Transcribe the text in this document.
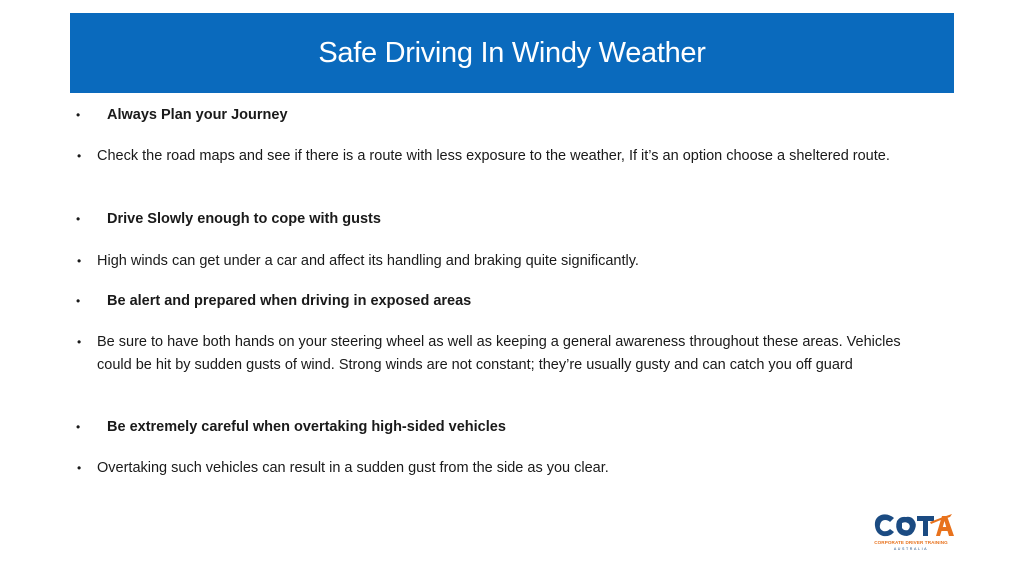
Safe Driving In Windy Weather
• Always Plan your Journey
• Check the road maps and see if there is a route with less exposure to the weather, If it’s an option choose a sheltered route.
• Drive Slowly enough to cope with gusts
• High winds can get under a car and affect its handling and braking quite significantly.
• Be alert and prepared when driving in exposed areas
• Be sure to have both hands on your steering wheel as well as keeping a general awareness throughout these areas. Vehicles could be hit by sudden gusts of wind. Strong winds are not constant; they’re usually gusty and can catch you off guard
• Be extremely careful when overtaking high-sided vehicles
• Overtaking such vehicles can result in a sudden gust from the side as you clear.
CORPORATE DRIVER TRAINING
AUSTRALIA
